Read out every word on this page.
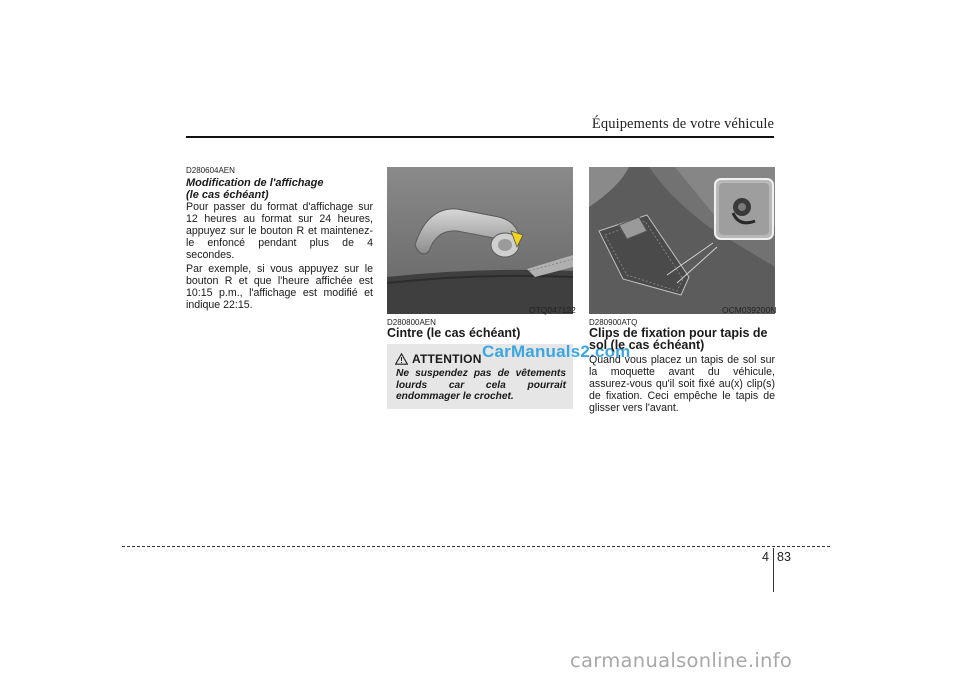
Équipements de votre véhicule
D280604AEN
Modification de l'affichage
(le cas échéant)

Pour passer du format d'affichage sur 12 heures au format sur 24 heures, appuyez sur le bouton R et maintenez-le enfoncé pendant plus de 4 secondes.

Par exemple, si vous appuyez sur le bouton R et que l'heure affichée est 10:15 p.m., l'affichage est modifié et indique 22:15.	OTQ047122
D280800AEN
Cintre (le cas échéant)
ATTENTION
Ne suspendez pas de vêtements lourds car cela pourrait endommager le crochet.
CarManuals2.com
OCM039200N
D280900ATQ
Clips de fixation pour tapis de sol (le cas échéant)

Quand vous placez un tapis de sol sur la moquette avant du véhicule, assurez-vous qu'il soit fixé au(x) clip(s) de fixation. Ceci empêche le tapis de glisser vers l'avant.

4 83
carmanualsonline.info
